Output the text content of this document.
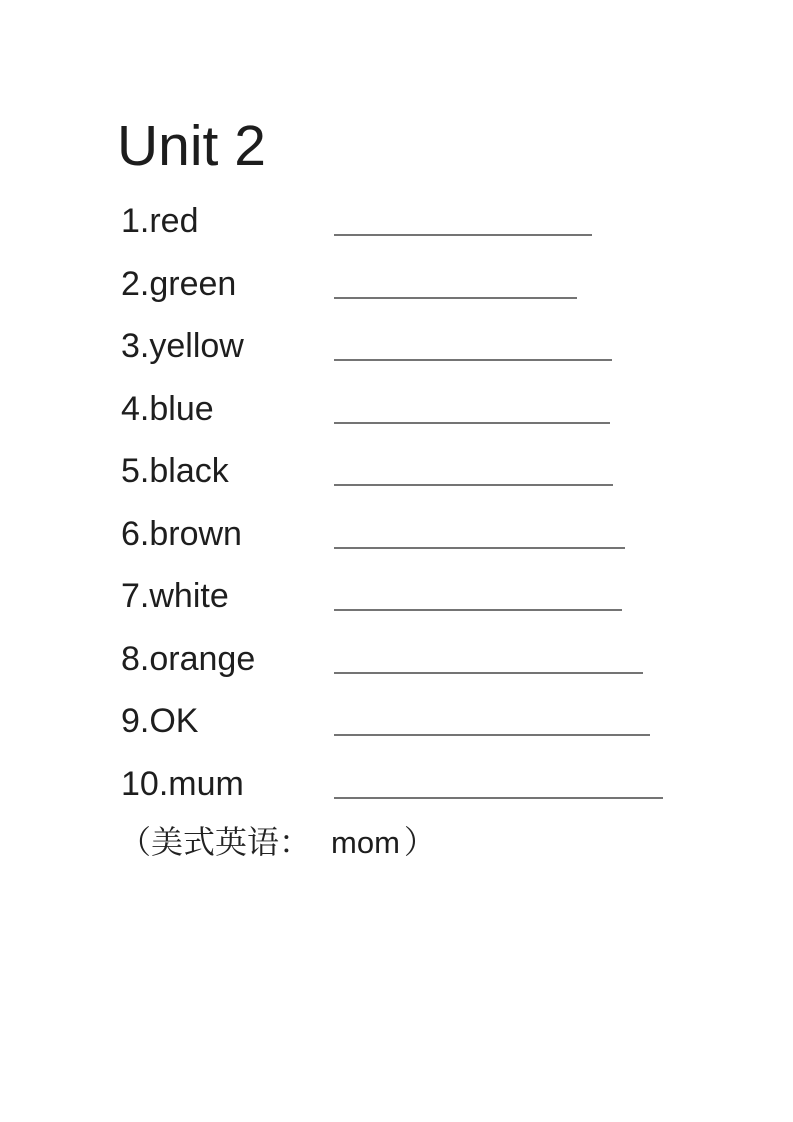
Unit 2
1.red
2.green
3.yellow
4.blue
5.black
6.brown
7.white
8.orange
9.OK
10.mum
（美式英语： mom ）
